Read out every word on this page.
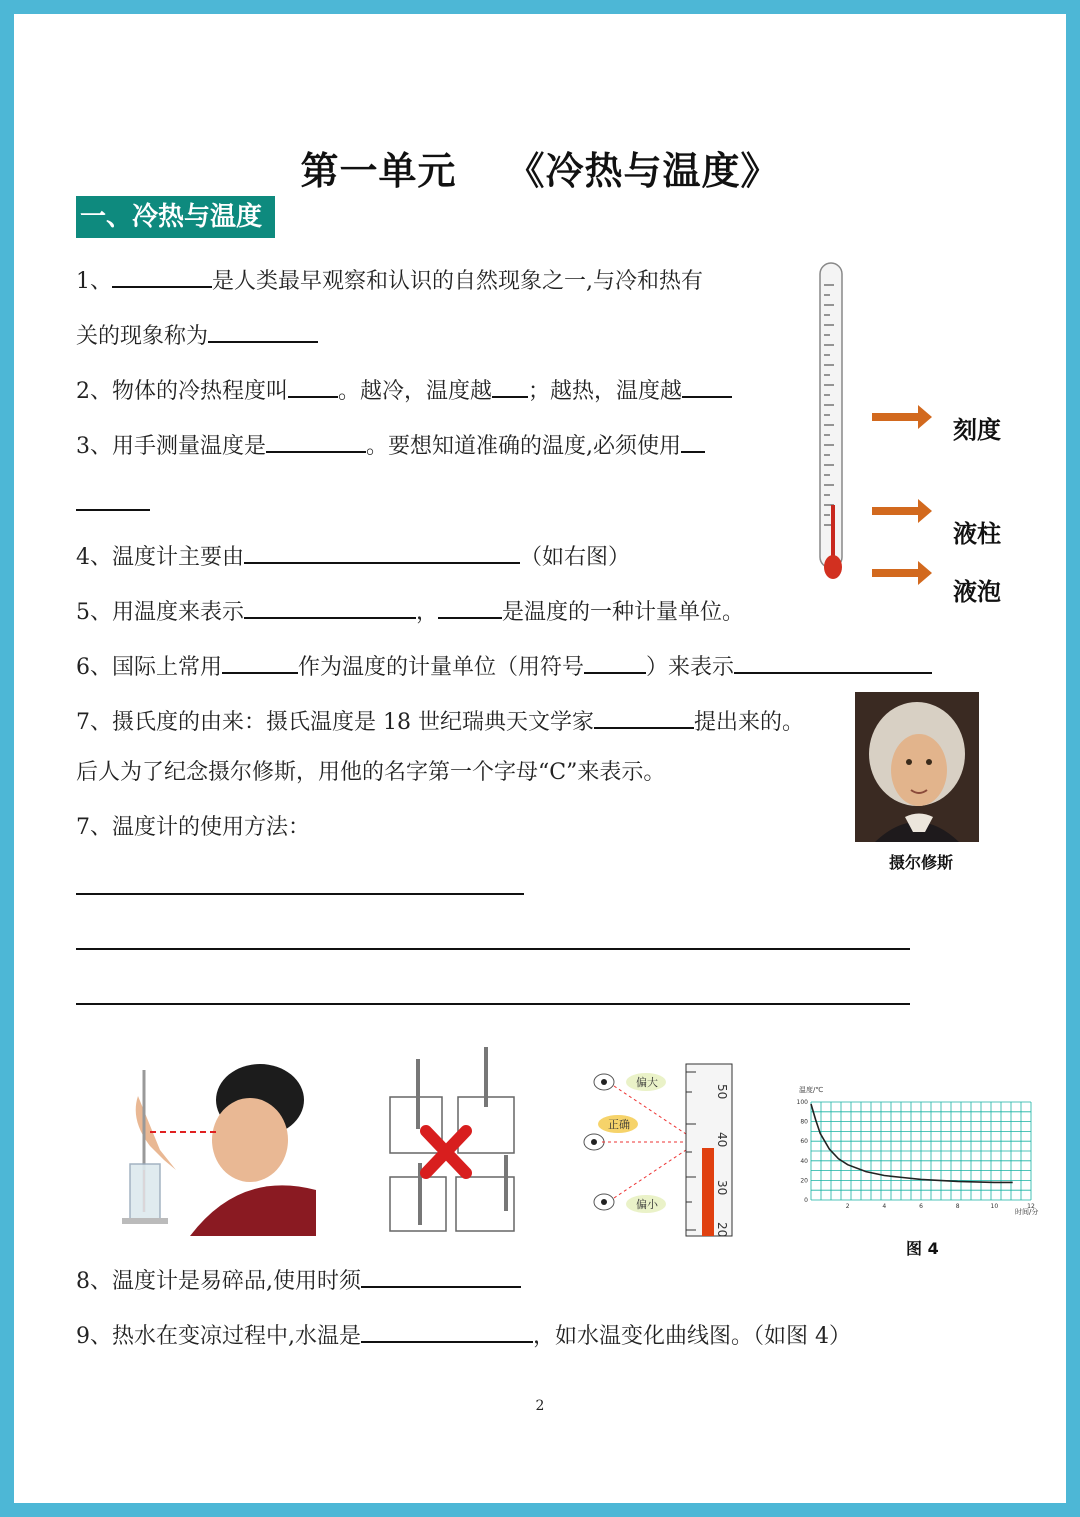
第一单元 《冷热与温度》
一、冷热与温度
1、	是人类最早观察和认识的自然现象之一,与冷和热有
关的现象称为
2、物体的冷热程度叫 。越冷，温度越 ；越热，温度越
3、用手测量温度是	。要想知道准确的温度,必须使用
4、温度计主要由	（如右图）
5、用温度来表示	，	是温度的一种计量单位。
6、国际上常用	作为温度的计量单位（用符号	）来表示
7、摄氏度的由来：摄氏温度是 18 世纪瑞典天文学家	提出来的。
后人为了纪念摄尔修斯，用他的名字第一个字母“C”来表示。
7、温度计的使用方法：
8、温度计是易碎品,使用时须
9、热水在变凉过程中,水温是	，如水温变化曲线图。（如图 4）
刻度
液柱
液泡
摄尔修斯
偏大
正确
偏小
50
40
30
20
温度/℃
时间/分
100
80
60
40
20
0
2	4	6	8	10	12
图 4
2
